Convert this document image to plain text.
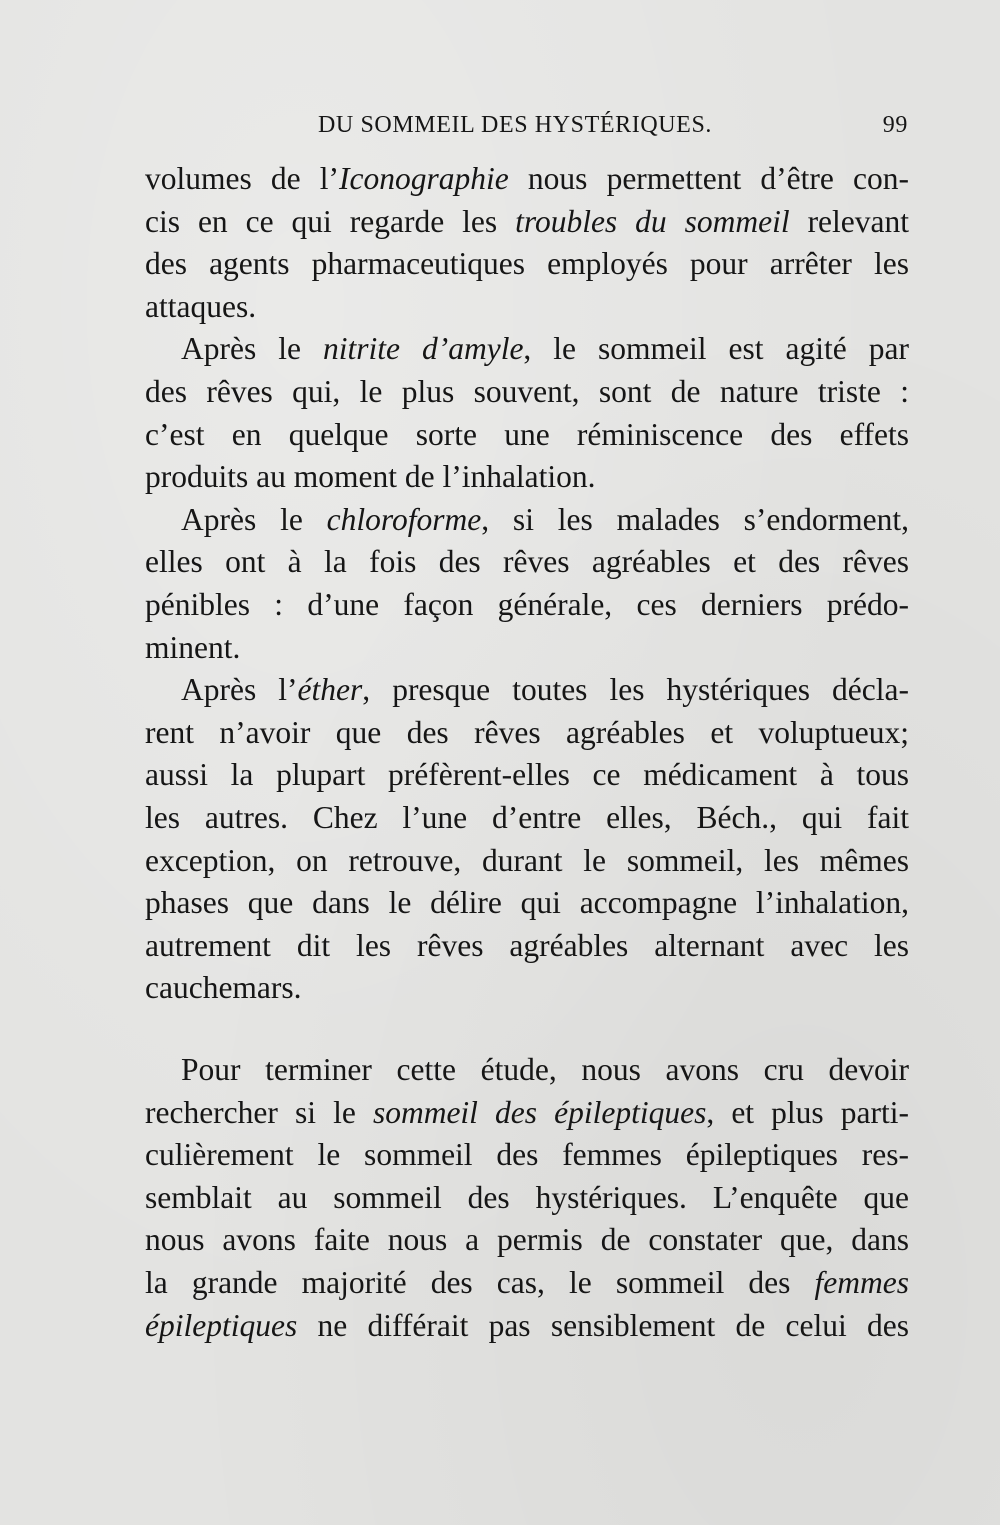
DU SOMMEIL DES HYSTÉRIQUES.	99
volumes de l’Iconographie nous permettent d’être con-
cis en ce qui regarde les troubles du sommeil relevant
des agents pharmaceutiques employés pour arrêter les
attaques.
Après le nitrite d’amyle, le sommeil est agité par
des rêves qui, le plus souvent, sont de nature triste :
c’est en quelque sorte une réminiscence des effets
produits au moment de l’inhalation.
Après le chloroforme, si les malades s’endorment,
elles ont à la fois des rêves agréables et des rêves
pénibles : d’une façon générale, ces derniers prédo-
minent.
Après l’éther, presque toutes les hystériques décla-
rent n’avoir que des rêves agréables et voluptueux;
aussi la plupart préfèrent-elles ce médicament à tous
les autres. Chez l’une d’entre elles, Béch., qui fait
exception, on retrouve, durant le sommeil, les mêmes
phases que dans le délire qui accompagne l’inhalation,
autrement dit les rêves agréables alternant avec les
cauchemars.
Pour terminer cette étude, nous avons cru devoir
rechercher si le sommeil des épileptiques, et plus parti-
culièrement le sommeil des femmes épileptiques res-
semblait au sommeil des hystériques. L’enquête que
nous avons faite nous a permis de constater que, dans
la grande majorité des cas, le sommeil des femmes
épileptiques ne différait pas sensiblement de celui des
